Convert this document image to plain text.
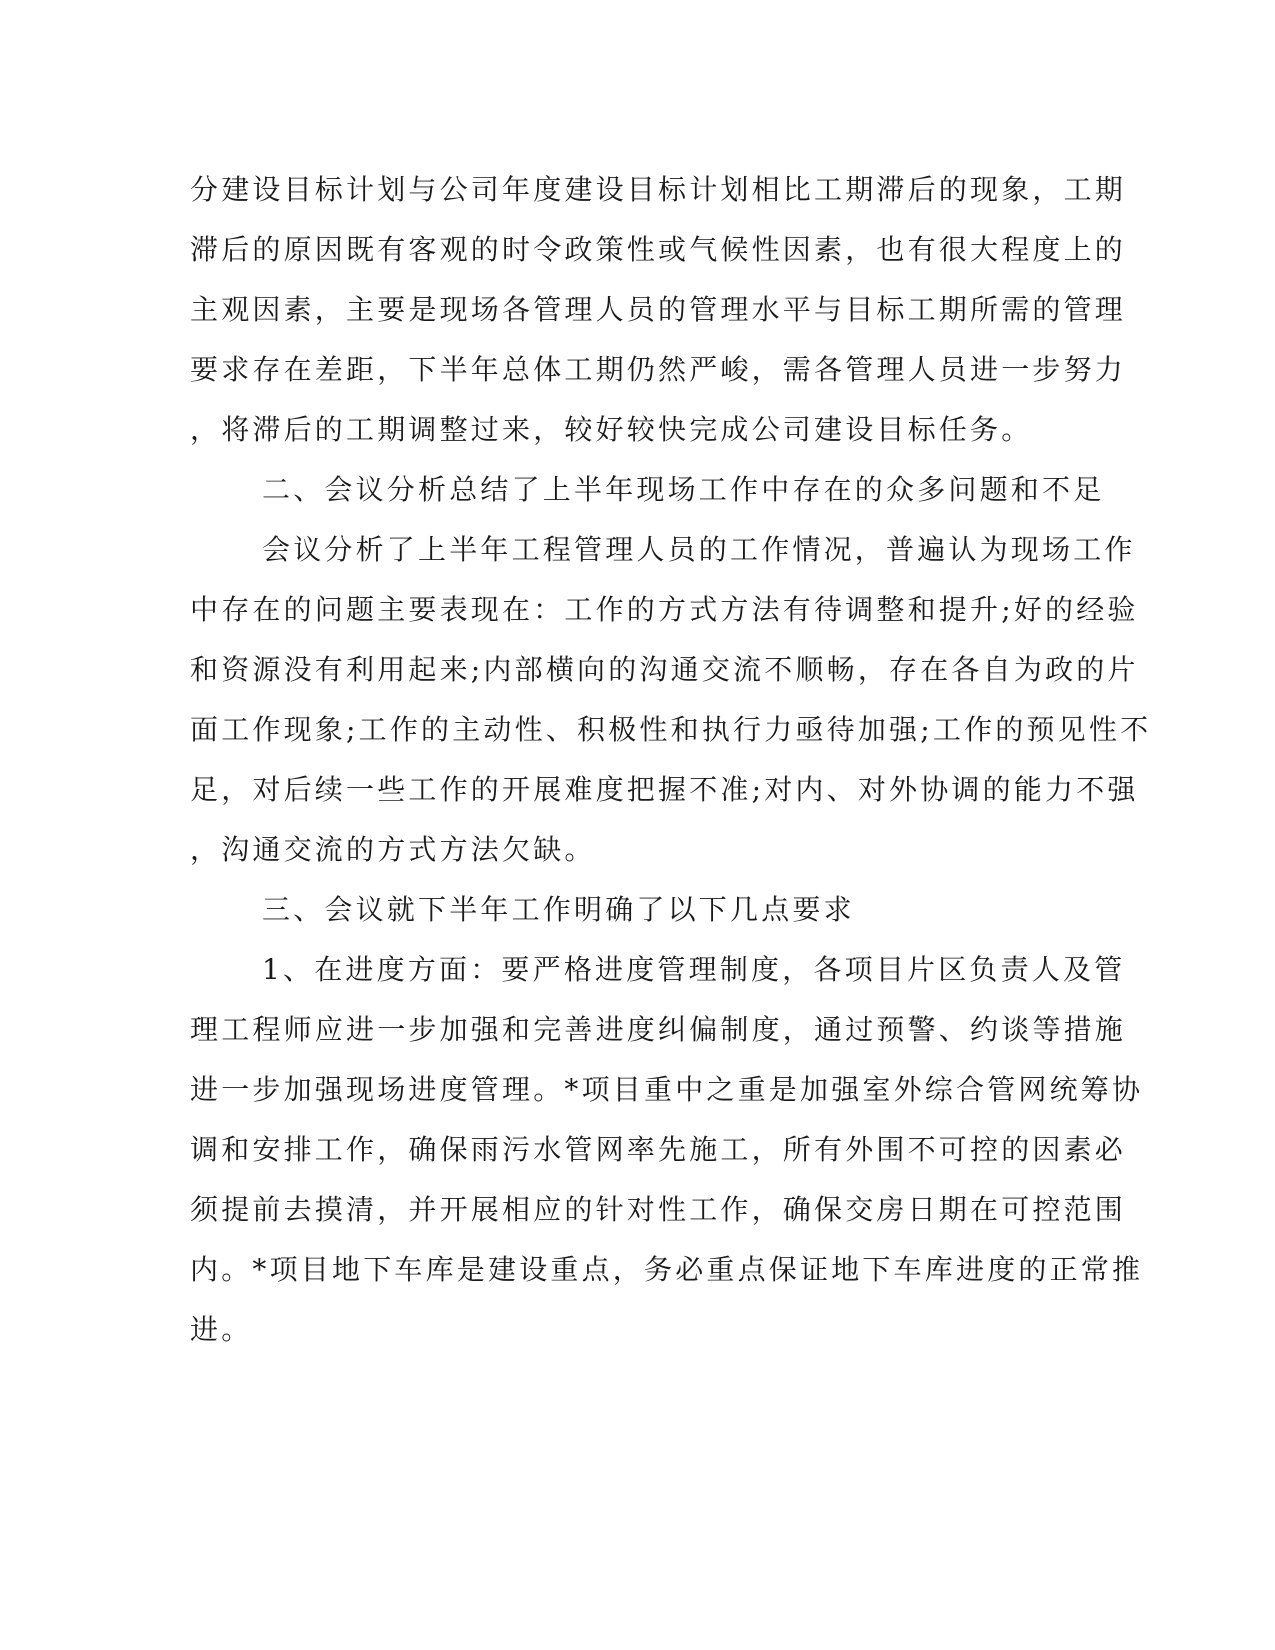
分建设目标计划与公司年度建设目标计划相比工期滞后的现象，工期
滞后的原因既有客观的时令政策性或气候性因素，也有很大程度上的
主观因素，主要是现场各管理人员的管理水平与目标工期所需的管理
要求存在差距，下半年总体工期仍然严峻，需各管理人员进一步努力
，将滞后的工期调整过来，较好较快完成公司建设目标任务。
二、会议分析总结了上半年现场工作中存在的众多问题和不足
会议分析了上半年工程管理人员的工作情况，普遍认为现场工作
中存在的问题主要表现在：工作的方式方法有待调整和提升;好的经验
和资源没有利用起来;内部横向的沟通交流不顺畅，存在各自为政的片
面工作现象;工作的主动性、积极性和执行力亟待加强;工作的预见性不
足，对后续一些工作的开展难度把握不准;对内、对外协调的能力不强
，沟通交流的方式方法欠缺。
三、会议就下半年工作明确了以下几点要求
1、在进度方面：要严格进度管理制度，各项目片区负责人及管
理工程师应进一步加强和完善进度纠偏制度，通过预警、约谈等措施
进一步加强现场进度管理。*项目重中之重是加强室外综合管网统筹协
调和安排工作，确保雨污水管网率先施工，所有外围不可控的因素必
须提前去摸清，并开展相应的针对性工作，确保交房日期在可控范围
内。*项目地下车库是建设重点，务必重点保证地下车库进度的正常推
进。
